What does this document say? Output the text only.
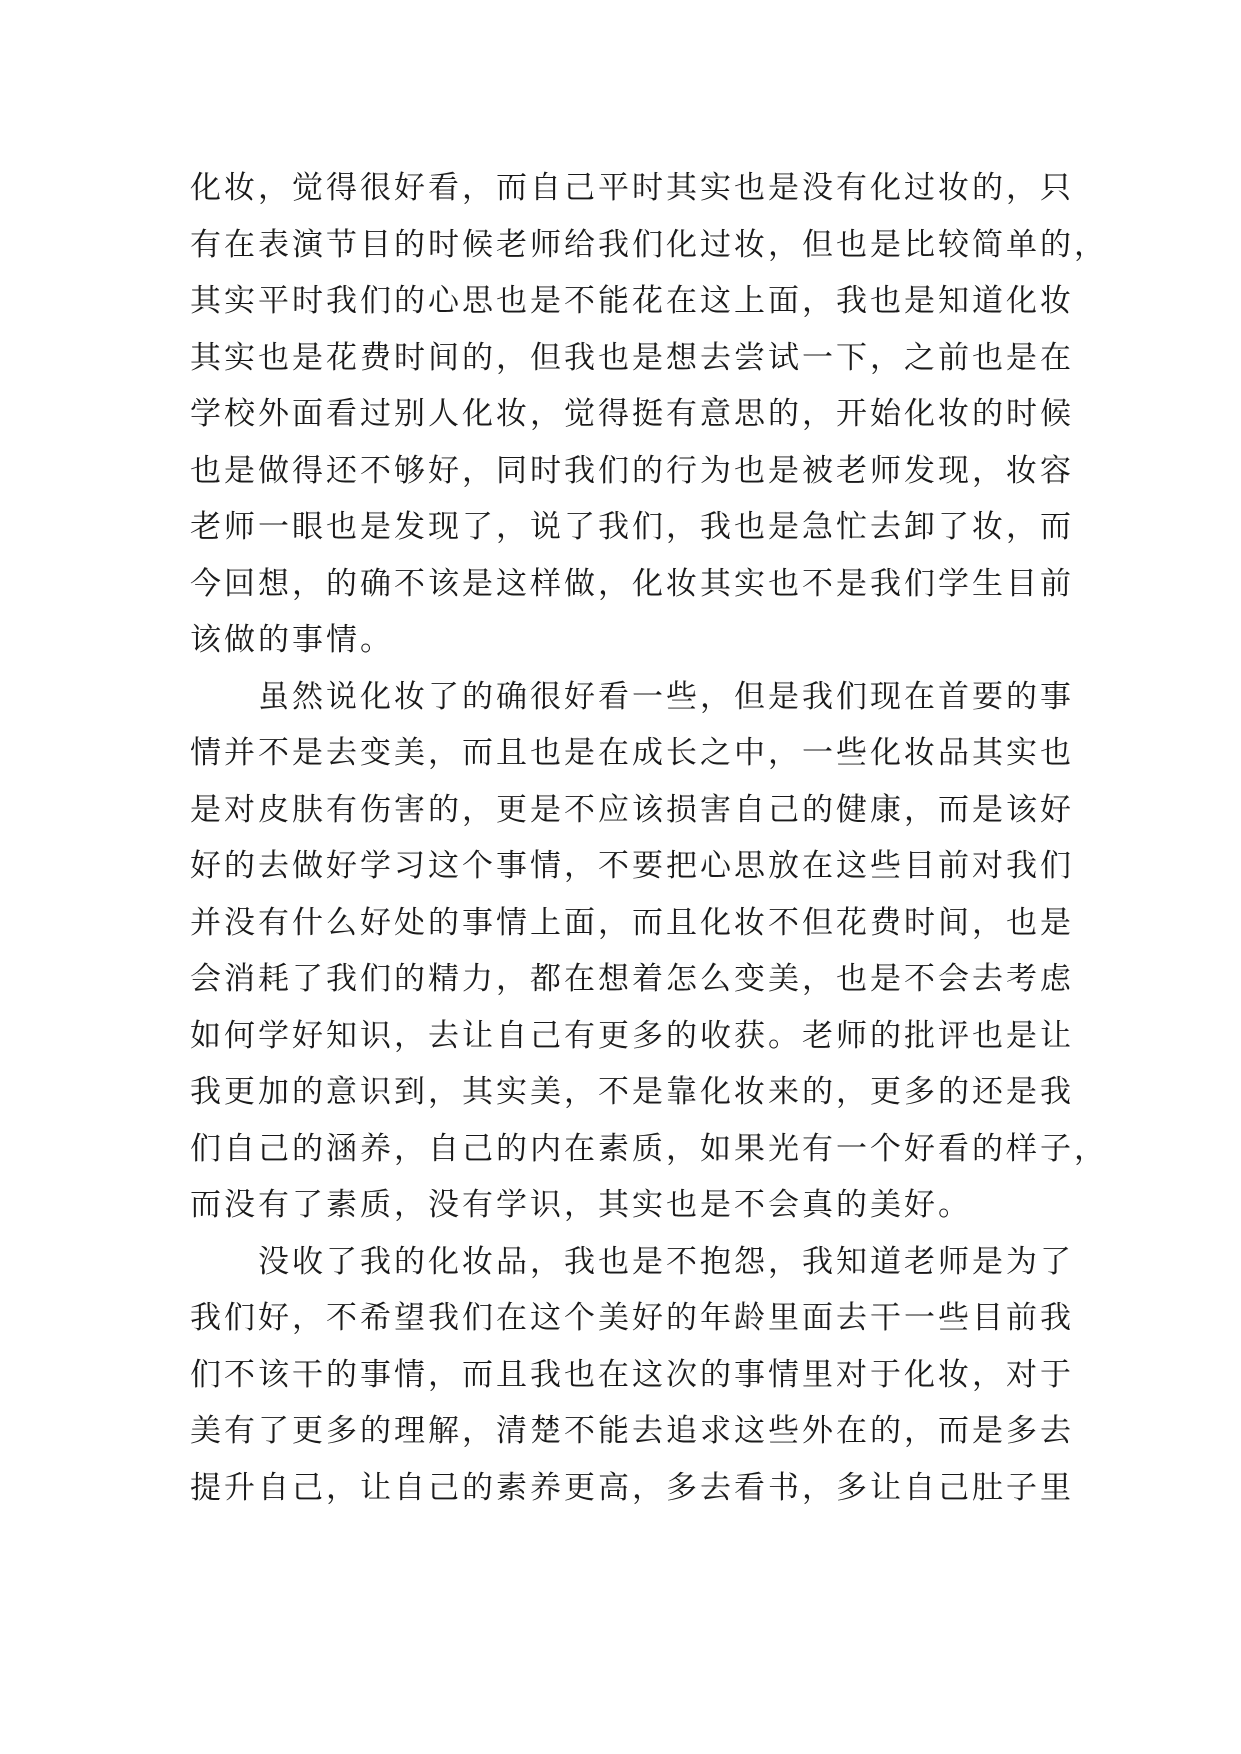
化妆，觉得很好看，而自己平时其实也是没有化过妆的，只
有在表演节目的时候老师给我们化过妆，但也是比较简单的，
其实平时我们的心思也是不能花在这上面，我也是知道化妆
其实也是花费时间的，但我也是想去尝试一下，之前也是在
学校外面看过别人化妆，觉得挺有意思的，开始化妆的时候
也是做得还不够好，同时我们的行为也是被老师发现，妆容
老师一眼也是发现了，说了我们，我也是急忙去卸了妆，而
今回想，的确不该是这样做，化妆其实也不是我们学生目前
该做的事情。
　　虽然说化妆了的确很好看一些，但是我们现在首要的事
情并不是去变美，而且也是在成长之中，一些化妆品其实也
是对皮肤有伤害的，更是不应该损害自己的健康，而是该好
好的去做好学习这个事情，不要把心思放在这些目前对我们
并没有什么好处的事情上面，而且化妆不但花费时间，也是
会消耗了我们的精力，都在想着怎么变美，也是不会去考虑
如何学好知识，去让自己有更多的收获。老师的批评也是让
我更加的意识到，其实美，不是靠化妆来的，更多的还是我
们自己的涵养，自己的内在素质，如果光有一个好看的样子，
而没有了素质，没有学识，其实也是不会真的美好。
　　没收了我的化妆品，我也是不抱怨，我知道老师是为了
我们好，不希望我们在这个美好的年龄里面去干一些目前我
们不该干的事情，而且我也在这次的事情里对于化妆，对于
美有了更多的理解，清楚不能去追求这些外在的，而是多去
提升自己，让自己的素养更高，多去看书，多让自己肚子里
